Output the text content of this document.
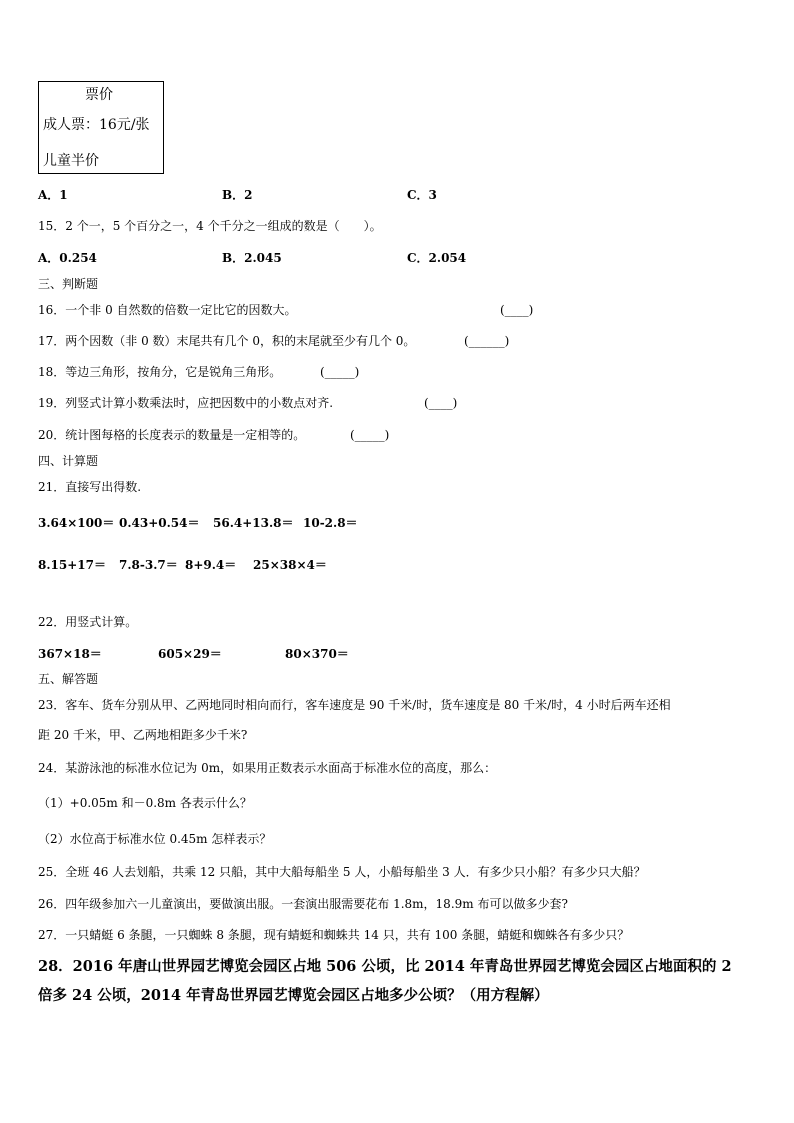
票价
成人票：16元/张
儿童半价
A．1	B．2	C．3
15．2 个一，5 个百分之一，4 个千分之一组成的数是（　　）。
A．0.254	B．2.045	C．2.054
三、判断题
16．一个非 0 自然数的倍数一定比它的因数大。	(____)
17．两个因数（非 0 数）末尾共有几个 0，积的末尾就至少有几个 0。	(______)
18．等边三角形，按角分，它是锐角三角形。	(_____)
19．列竖式计算小数乘法时，应把因数中的小数点对齐.	(____)
20．统计图每格的长度表示的数量是一定相等的。	(_____)
四、计算题
21．直接写出得数.
3.64×100＝ 0.43+0.54＝ 56.4+13.8＝ 10-2.8＝
8.15+17＝ 7.8-3.7＝ 8+9.4＝ 25×38×4＝
22．用竖式计算。
367×18＝	605×29＝	80×370＝
五、解答题
23．客车、货车分别从甲、乙两地同时相向而行，客车速度是 90 千米/时，货车速度是 80 千米/时，4 小时后两车还相
距 20 千米，甲、乙两地相距多少千米?
24．某游泳池的标准水位记为 0m，如果用正数表示水面高于标准水位的高度，那么：
（1）+0.05m 和－0.8m 各表示什么？
（2）水位高于标准水位 0.45m 怎样表示？
25．全班 46 人去划船，共乘 12 只船，其中大船每船坐 5 人，小船每船坐 3 人．有多少只小船？有多少只大船？
26．四年级参加六一儿童演出，要做演出服。一套演出服需要花布 1.8m，18.9m 布可以做多少套?
27．一只蜻蜓 6 条腿，一只蜘蛛 8 条腿，现有蜻蜓和蜘蛛共 14 只，共有 100 条腿，蜻蜓和蜘蛛各有多少只？
28．2016 年唐山世界园艺博览会园区占地 506 公顷，比 2014 年青岛世界园艺博览会园区占地面积的 2
倍多 24 公顷，2014 年青岛世界园艺博览会园区占地多少公顷？（用方程解）
